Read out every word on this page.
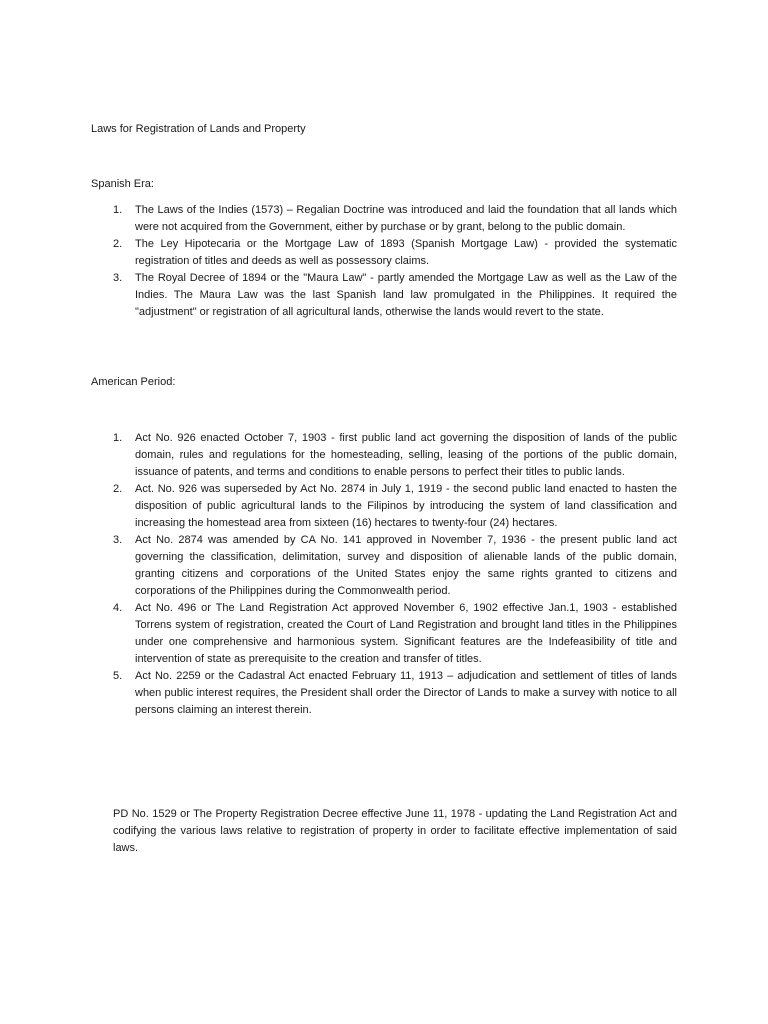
Laws for Registration of Lands and Property

Spanish Era:

1. The Laws of the Indies (1573) – Regalian Doctrine was introduced and laid the foundation that all lands which were not acquired from the Government, either by purchase or by grant, belong to the public domain.
2. The Ley Hipotecaria or the Mortgage Law of 1893 (Spanish Mortgage Law) - provided the systematic registration of titles and deeds as well as possessory claims.
3. The Royal Decree of 1894 or the "Maura Law" - partly amended the Mortgage Law as well as the Law of the Indies. The Maura Law was the last Spanish land law promulgated in the Philippines. It required the "adjustment" or registration of all agricultural lands, otherwise the lands would revert to the state.

American Period:

1. Act No. 926 enacted October 7, 1903 - first public land act governing the disposition of lands of the public domain, rules and regulations for the homesteading, selling, leasing of the portions of the public domain, issuance of patents, and terms and conditions to enable persons to perfect their titles to public lands.
2. Act. No. 926 was superseded by Act No. 2874 in July 1, 1919 - the second public land enacted to hasten the disposition of public agricultural lands to the Filipinos by introducing the system of land classification and increasing the homestead area from sixteen (16) hectares to twenty-four (24) hectares.
3. Act No. 2874 was amended by CA No. 141 approved in November 7, 1936 - the present public land act governing the classification, delimitation, survey and disposition of alienable lands of the public domain, granting citizens and corporations of the United States enjoy the same rights granted to citizens and corporations of the Philippines during the Commonwealth period.
4. Act No. 496 or The Land Registration Act approved November 6, 1902 effective Jan.1, 1903 - established Torrens system of registration, created the Court of Land Registration and brought land titles in the Philippines under one comprehensive and harmonious system. Significant features are the Indefeasibility of title and intervention of state as prerequisite to the creation and transfer of titles.
5. Act No. 2259 or the Cadastral Act enacted February 11, 1913 – adjudication and settlement of titles of lands when public interest requires, the President shall order the Director of Lands to make a survey with notice to all persons claiming an interest therein.

PD No. 1529 or The Property Registration Decree effective June 11, 1978 - updating the Land Registration Act and codifying the various laws relative to registration of property in order to facilitate effective implementation of said laws.
